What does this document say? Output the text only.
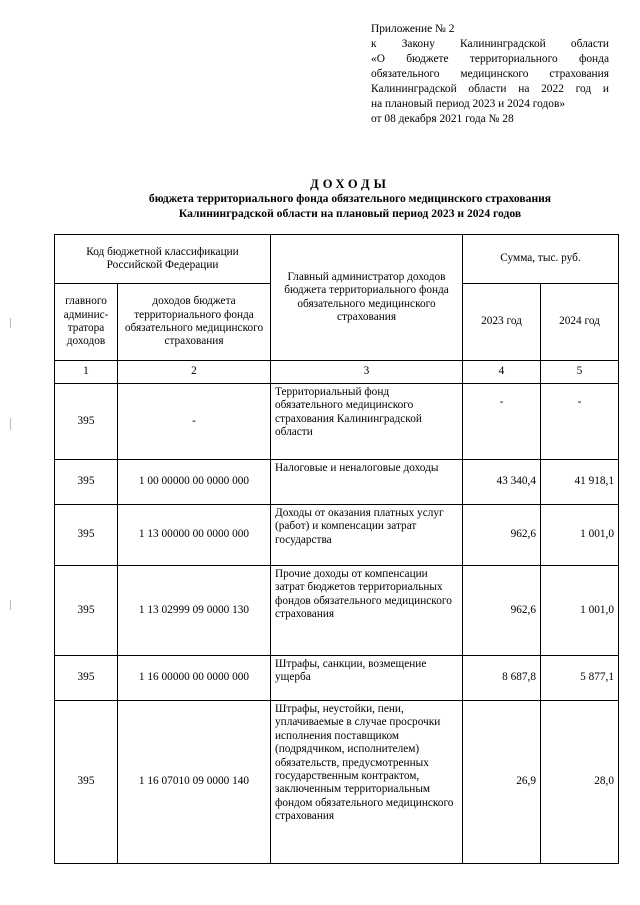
Приложение № 2
к Закону Калининградской области
«О бюджете территориального фонда
обязательного медицинского страхования
Калининградской области на 2022 год и
на плановый период 2023 и 2024 годов»
от 08 декабря 2021 года № 28
ДОХОДЫ
бюджета территориального фонда обязательного медицинского страхования
Калининградской области на плановый период 2023 и 2024 годов
Код бюджетной классификации Российской Федерации		Главный администратор доходов бюджета территориального фонда обязательного медицинского страхования	Сумма, тыс. руб.	
главного админис-тратора доходов	доходов бюджета территориального фонда обязательного медицинского страхования		2023 год	2024 год
1	2	3	4	5
395	-	Территориальный фонд обязательного медицинского страхования Калининградской области	-	-
395	1 00 00000 00 0000 000	Налоговые и неналоговые доходы	43 340,4	41 918,1
395	1 13 00000 00 0000 000	Доходы от оказания платных услуг (работ) и компенсации затрат государства	962,6	1 001,0
395	1 13 02999 09 0000 130	Прочие доходы от компенсации затрат бюджетов территориальных фондов обязательного медицинского страхования	962,6	1 001,0
395	1 16 00000 00 0000 000	Штрафы, санкции, возмещение ущерба	8 687,8	5 877,1
395	1 16 07010 09 0000 140	Штрафы, неустойки, пени, уплачиваемые в случае просрочки исполнения поставщиком (подрядчиком, исполнителем) обязательств, предусмотренных государственным контрактом, заключенным территориальным фондом обязательного медицинского страхования	26,9	28,0
